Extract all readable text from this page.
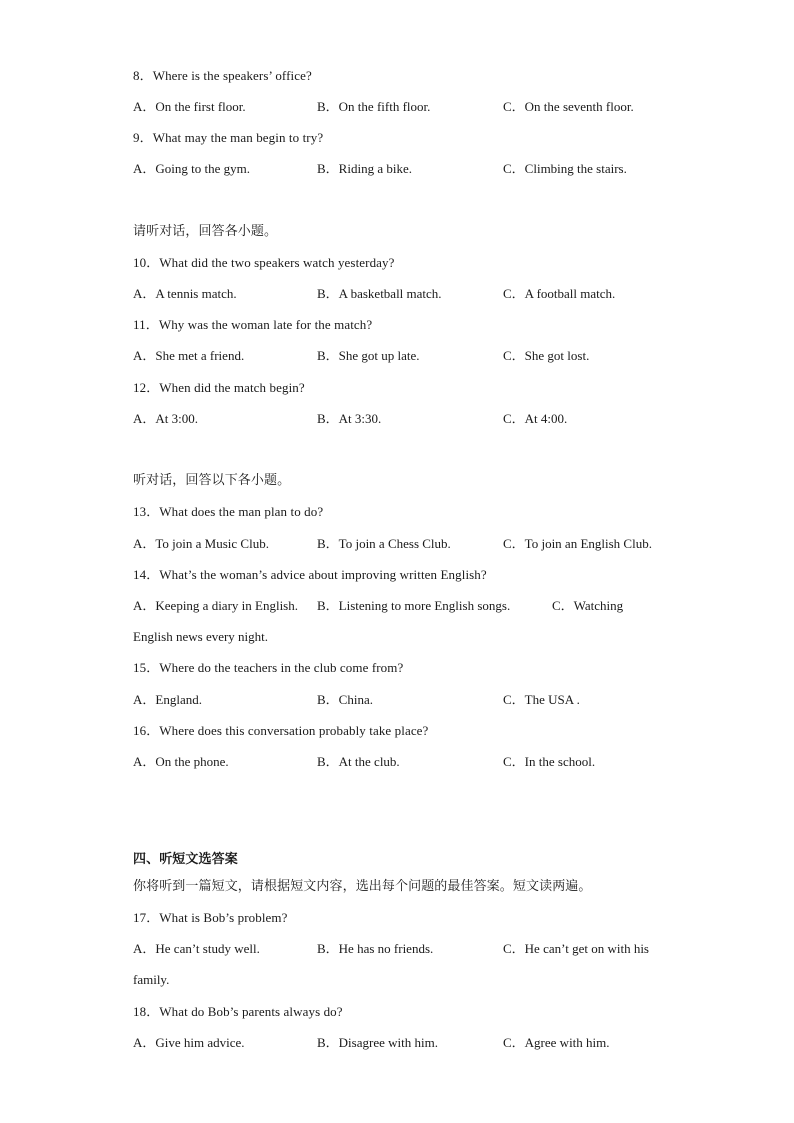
8．Where is the speakers’ office?
A．On the first floor.	B．On the fifth floor.	C．On the seventh floor.
9．What may the man begin to try?
A．Going to the gym.	B．Riding a bike.	C．Climbing the stairs.
请听对话，回答各小题。
10．What did the two speakers watch yesterday?
A．A tennis match.	B．A basketball match.	C．A football match.
11．Why was the woman late for the match?
A．She met a friend.	B．She got up late.	C．She got lost.
12．When did the match begin?
A．At 3:00.	B．At 3:30.	C．At 4:00.
听对话，回答以下各小题。
13．What does the man plan to do?
A．To join a Music Club.	B．To join a Chess Club.	C．To join an English Club.
14．What’s the woman’s advice about improving written English?
A．Keeping a diary in English. B．Listening to more English songs.	C．Watching
English news every night.
15．Where do the teachers in the club come from?
A．England.	B．China.	C．The USA .
16．Where does this conversation probably take place?
A．On the phone.	B．At the club.	C．In the school.
四、听短文选答案
你将听到一篇短文，请根据短文内容，选出每个问题的最佳答案。短文读两遍。
17．What is Bob’s problem?
A．He can’t study well.	B．He has no friends.	C．He can’t get on with his
family.
18．What do Bob’s parents always do?
A．Give him advice.	B．Disagree with him.	C．Agree with him.
